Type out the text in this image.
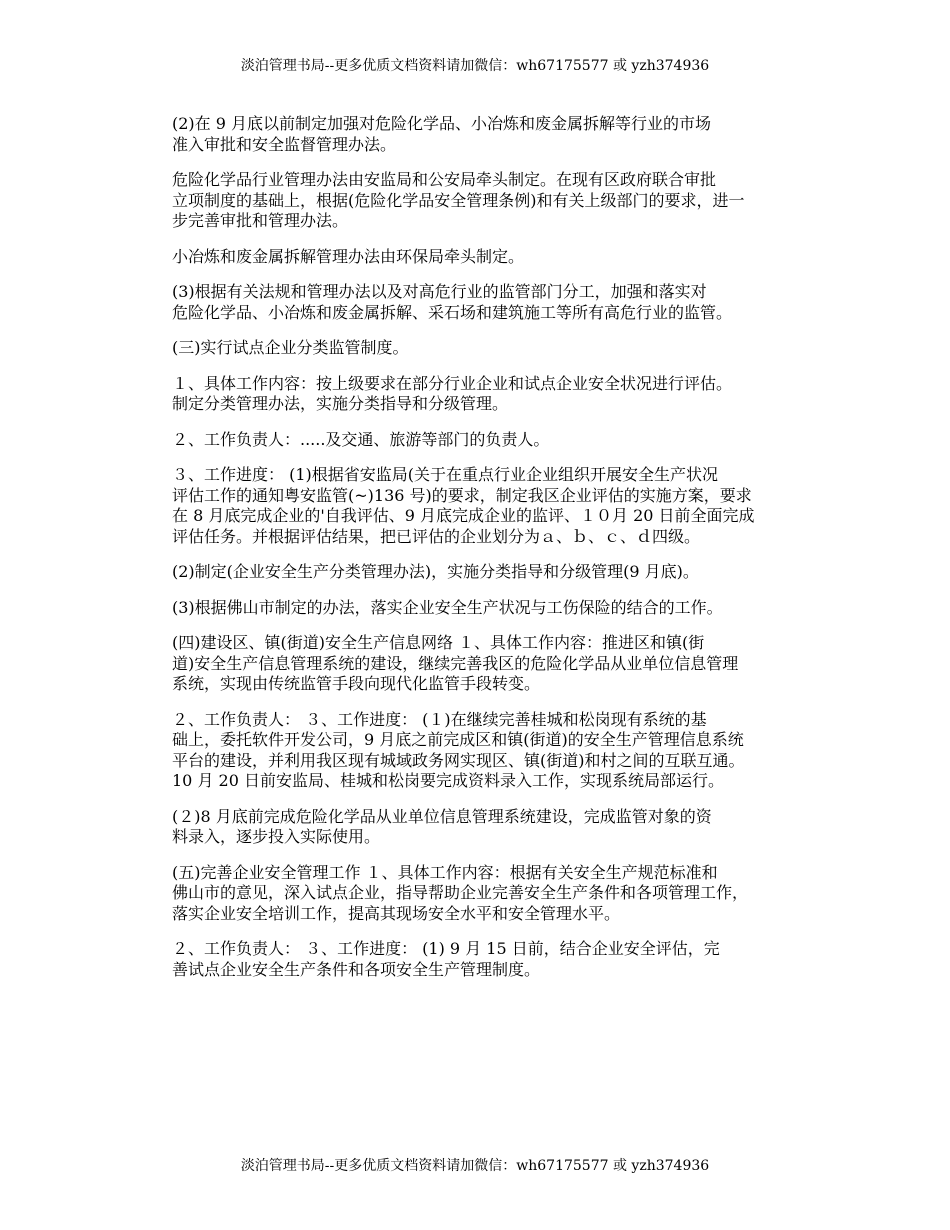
淡泊管理书局--更多优质文档资料请加微信：wh67175577 或 yzh374936

(2)在 9 月底以前制定加强对危险化学品、小冶炼和废金属拆解等行业的市场
准入审批和安全监督管理办法。

危险化学品行业管理办法由安监局和公安局牵头制定。在现有区政府联合审批
立项制度的基础上，根据(危险化学品安全管理条例)和有关上级部门的要求，进一
步完善审批和管理办法。

小冶炼和废金属拆解管理办法由环保局牵头制定。

(3)根据有关法规和管理办法以及对高危行业的监管部门分工，加强和落实对
危险化学品、小冶炼和废金属拆解、采石场和建筑施工等所有高危行业的监管。

(三)实行试点企业分类监管制度。

１、具体工作内容：按上级要求在部分行业企业和试点企业安全状况进行评估。
制定分类管理办法，实施分类指导和分级管理。

２、工作负责人：.....及交通、旅游等部门的负责人。

３、工作进度： (1)根据省安监局(关于在重点行业企业组织开展安全生产状况
评估工作的通知粤安监管(~)136 号)的要求，制定我区企业评估的实施方案，要求
在 8 月底完成企业的'自我评估、9 月底完成企业的监评、１０月 20 日前全面完成
评估任务。并根据评估结果，把已评估的企业划分为ａ、ｂ、ｃ、ｄ四级。

(2)制定(企业安全生产分类管理办法)，实施分类指导和分级管理(9 月底)。

(3)根据佛山市制定的办法，落实企业安全生产状况与工伤保险的结合的工作。

(四)建设区、镇(街道)安全生产信息网络 １、具体工作内容：推进区和镇(街
道)安全生产信息管理系统的建设，继续完善我区的危险化学品从业单位信息管理
系统，实现由传统监管手段向现代化监管手段转变。

２、工作负责人： ３、工作进度： (１)在继续完善桂城和松岗现有系统的基
础上，委托软件开发公司，9 月底之前完成区和镇(街道)的安全生产管理信息系统
平台的建设，并利用我区现有城域政务网实现区、镇(街道)和村之间的互联互通。
10 月 20 日前安监局、桂城和松岗要完成资料录入工作，实现系统局部运行。

(２)8 月底前完成危险化学品从业单位信息管理系统建设，完成监管对象的资
料录入，逐步投入实际使用。

(五)完善企业安全管理工作 １、具体工作内容：根据有关安全生产规范标准和
佛山市的意见，深入试点企业，指导帮助企业完善安全生产条件和各项管理工作，
落实企业安全培训工作，提高其现场安全水平和安全管理水平。

２、工作负责人： ３、工作进度： (1) 9 月 15 日前，结合企业安全评估，完
善试点企业安全生产条件和各项安全生产管理制度。

淡泊管理书局--更多优质文档资料请加微信：wh67175577 或 yzh374936
